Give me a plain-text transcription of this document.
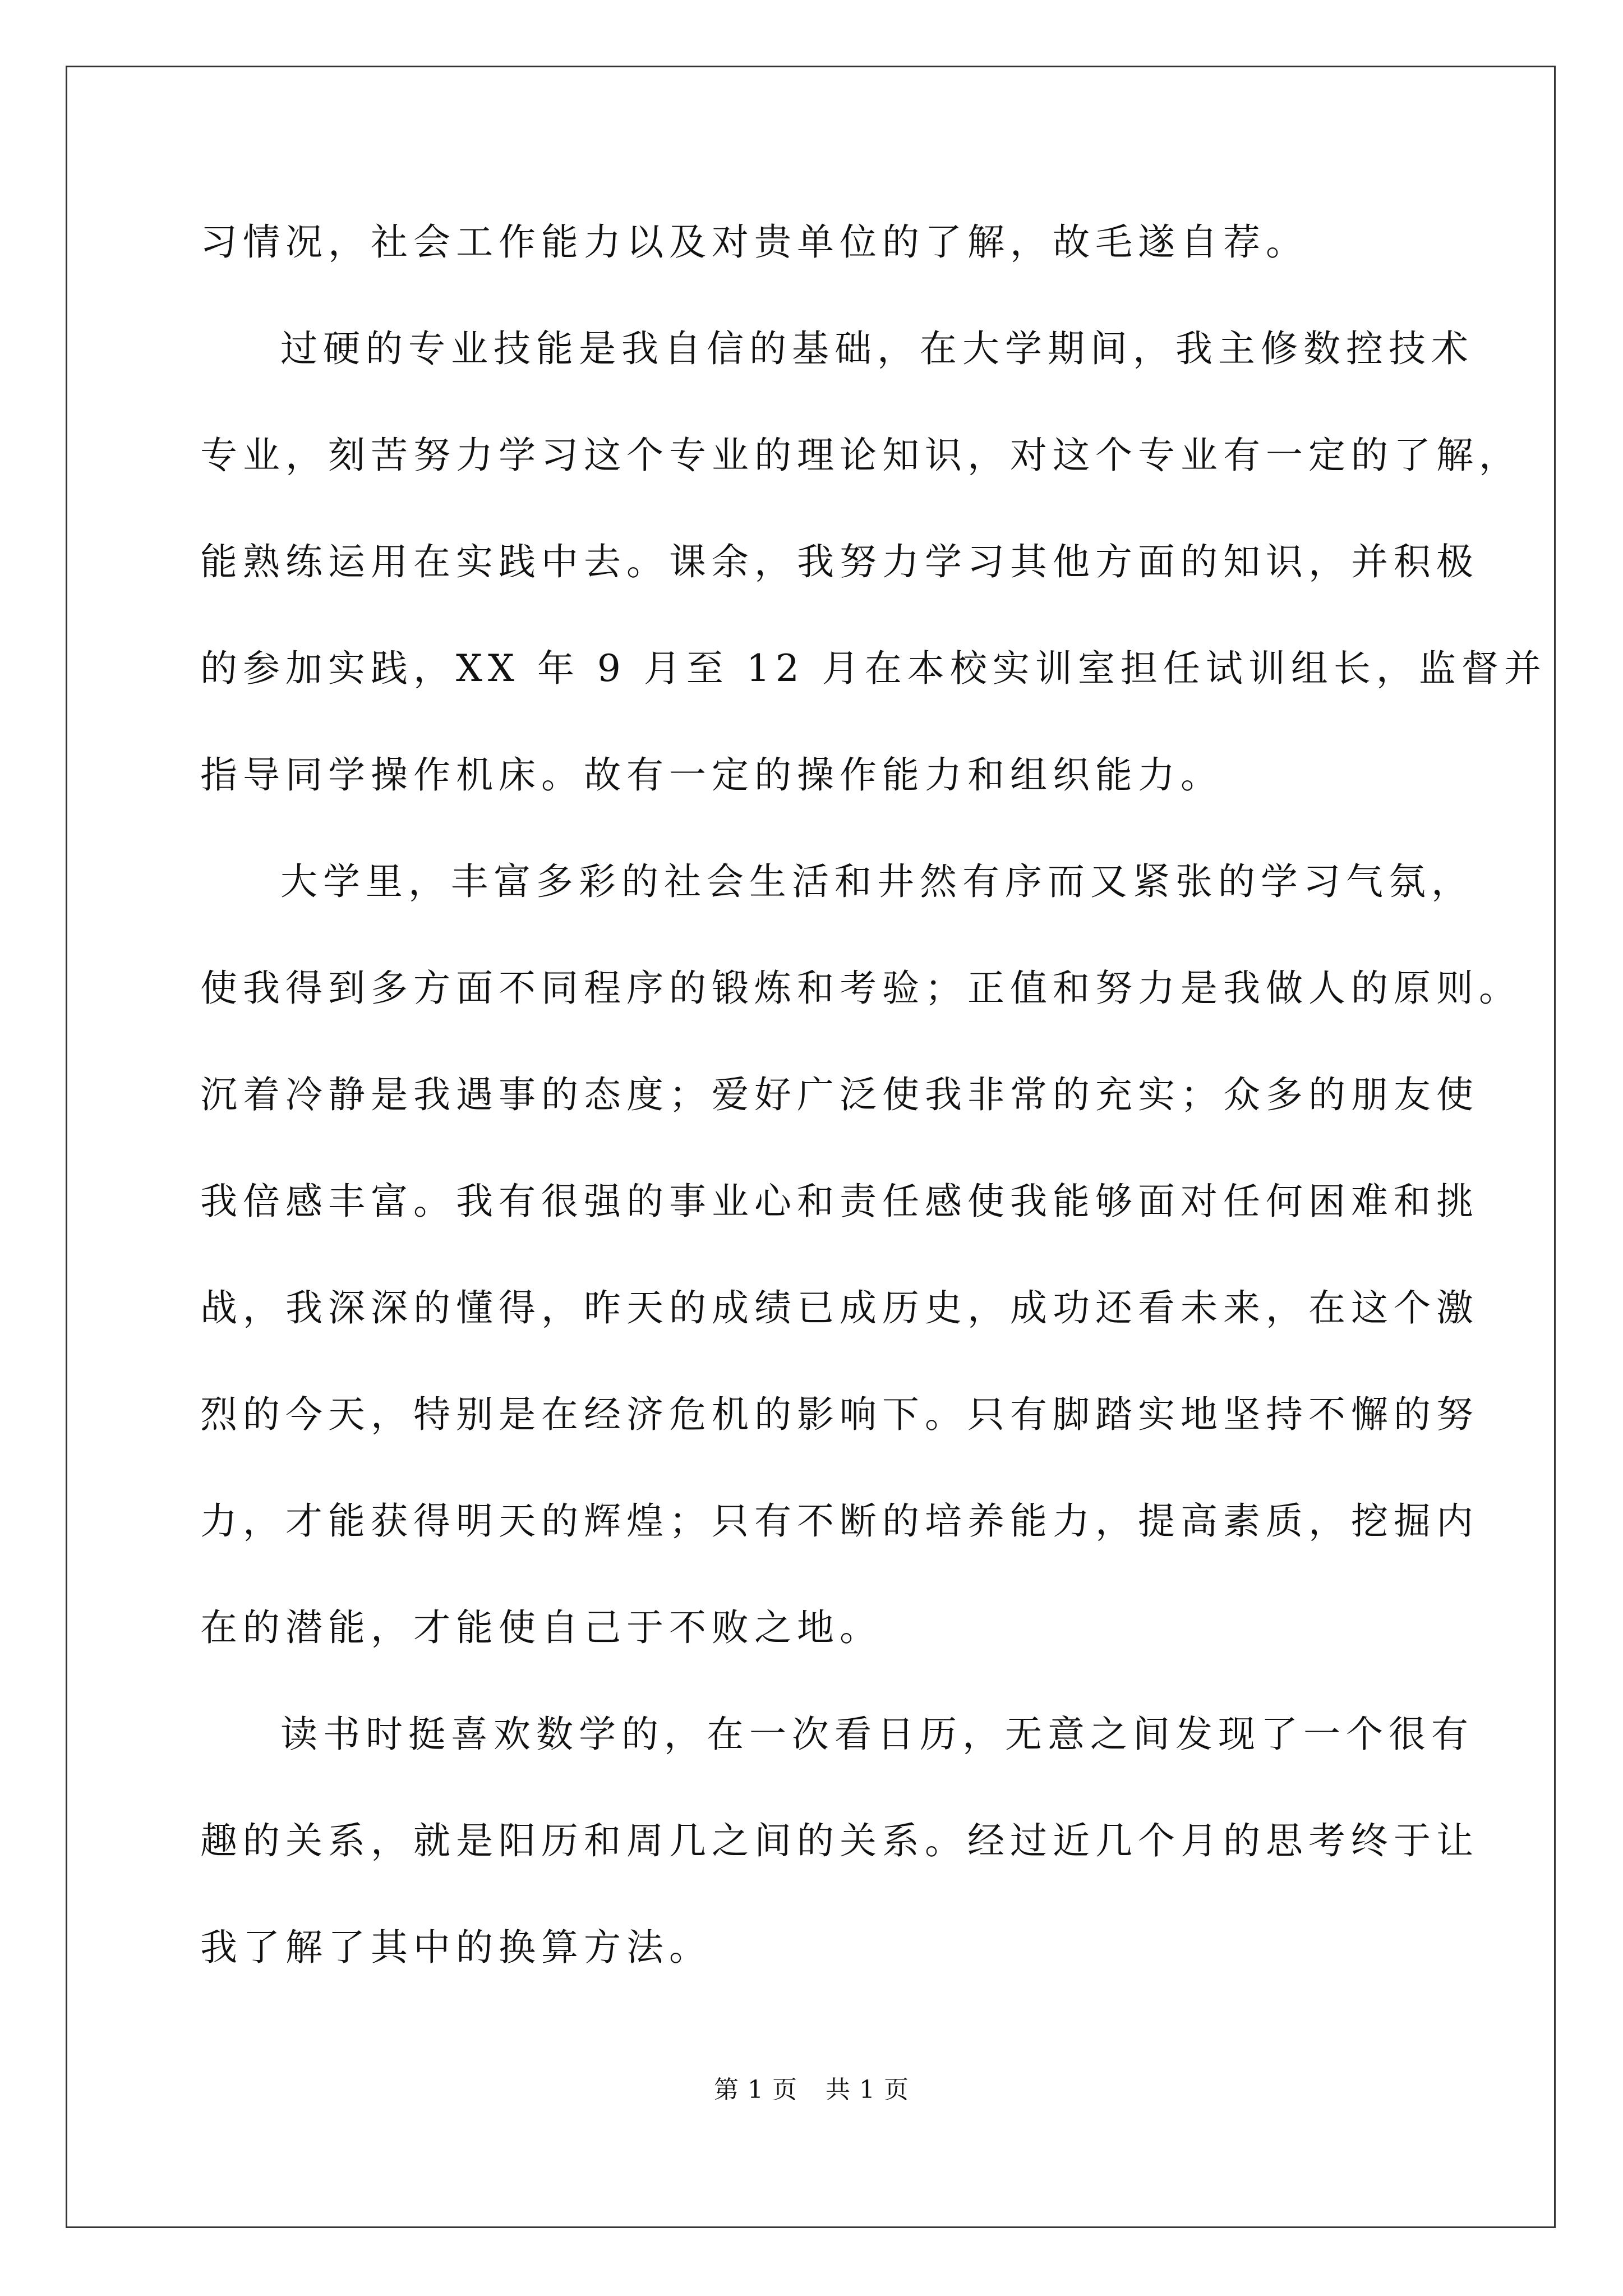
习情况，社会工作能力以及对贵单位的了解，故毛遂自荐。
过硬的专业技能是我自信的基础，在大学期间，我主修数控技术
专业，刻苦努力学习这个专业的理论知识，对这个专业有一定的了解，
能熟练运用在实践中去。课余，我努力学习其他方面的知识，并积极
的参加实践，XX 年 9 月至 12 月在本校实训室担任试训组长，监督并
指导同学操作机床。故有一定的操作能力和组织能力。
大学里，丰富多彩的社会生活和井然有序而又紧张的学习气氛，
使我得到多方面不同程序的锻炼和考验；正值和努力是我做人的原则。
沉着冷静是我遇事的态度；爱好广泛使我非常的充实；众多的朋友使
我倍感丰富。我有很强的事业心和责任感使我能够面对任何困难和挑
战，我深深的懂得，昨天的成绩已成历史，成功还看未来，在这个激
烈的今天，特别是在经济危机的影响下。只有脚踏实地坚持不懈的努
力，才能获得明天的辉煌；只有不断的培养能力，提高素质，挖掘内
在的潜能，才能使自己于不败之地。
读书时挺喜欢数学的，在一次看日历，无意之间发现了一个很有
趣的关系，就是阳历和周几之间的关系。经过近几个月的思考终于让
我了解了其中的换算方法。
第 1 页 共 1 页
